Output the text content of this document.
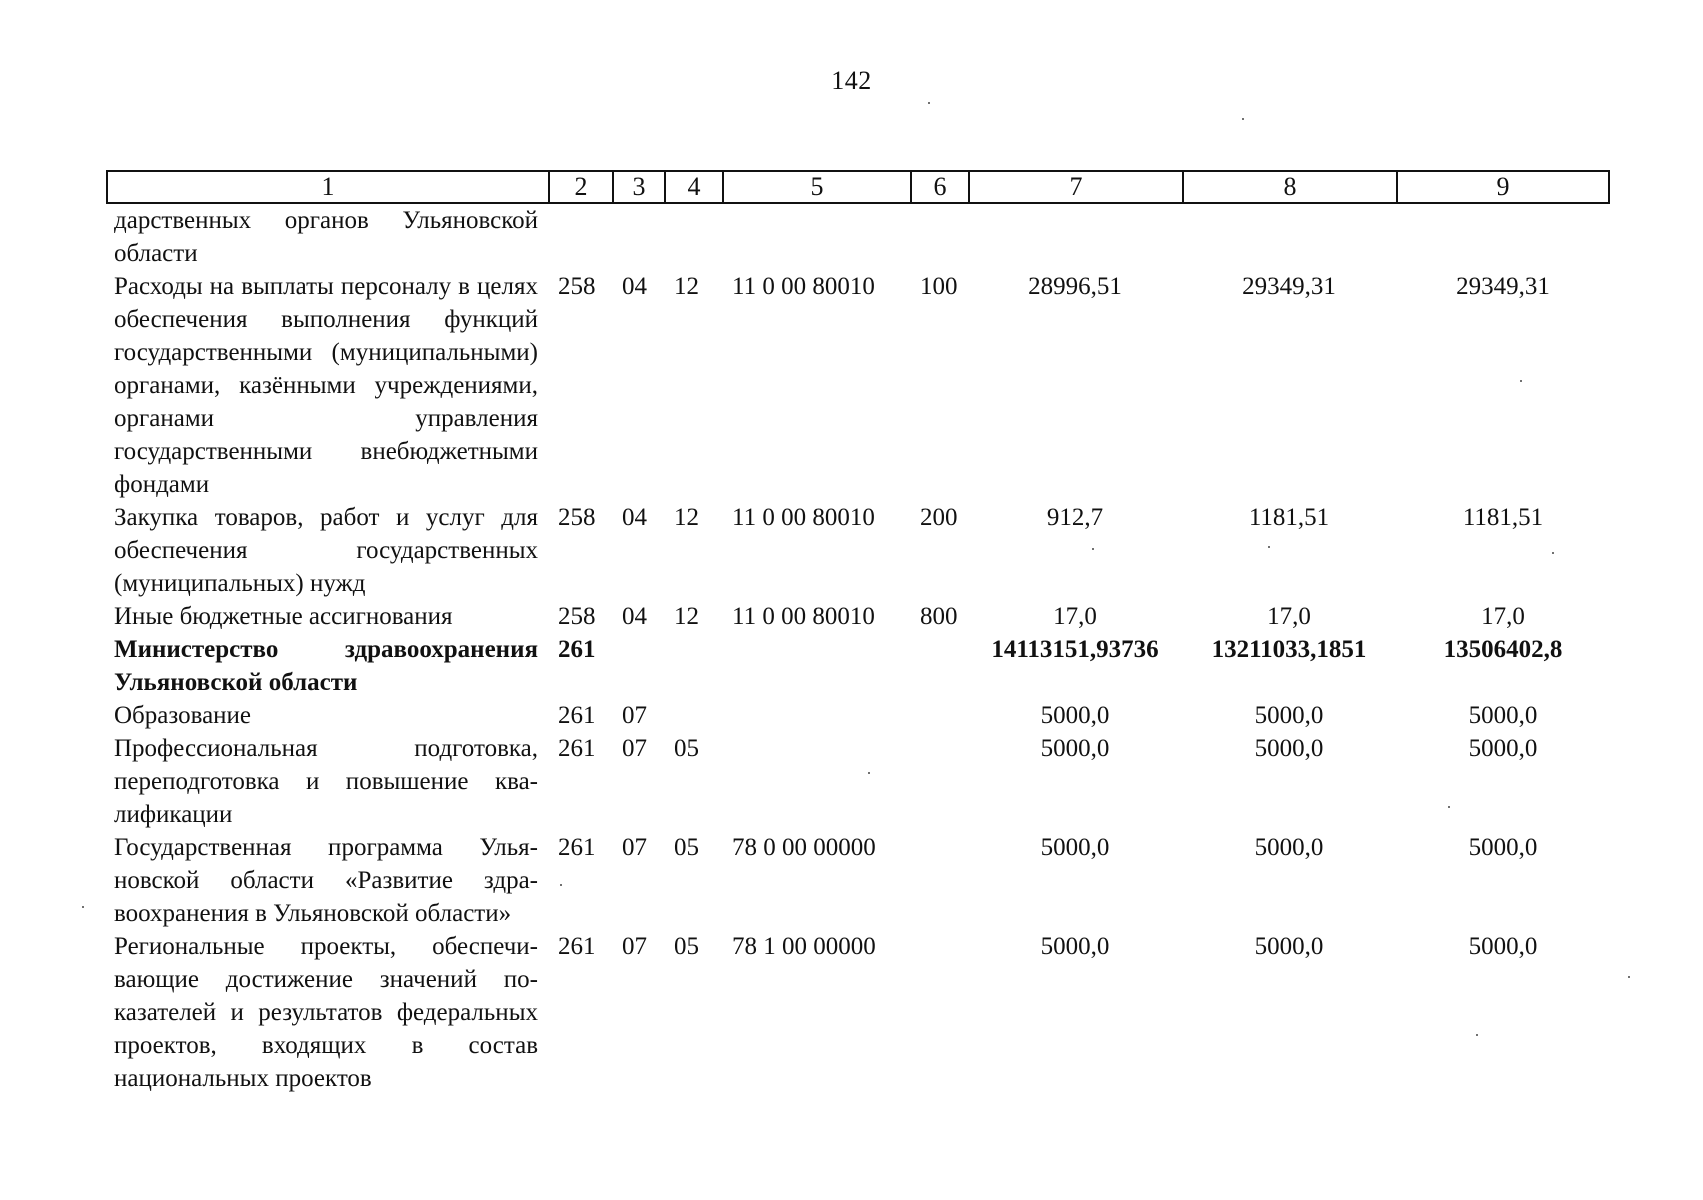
142
1	2	3	4	5	6	7	8	9
дарственных органов Ульяновской области								
Расходы на выплаты персоналу в целях обеспечения выполнения функций государственными (муниципальными) органами, казёнными учреждениями, органами управления государственными внебюджетными фондами	258	04	12	11 0 00 80010	100	28996,51	29349,31	29349,31
Закупка товаров, работ и услуг для обеспечения государственных (муниципальных) нужд	258	04	12	11 0 00 80010	200	912,7	1181,51	1181,51
Иные бюджетные ассигнования	258	04	12	11 0 00 80010	800	17,0	17,0	17,0
Министерство здравоохранения Ульяновской области	261					14113151,93736	13211033,1851	13506402,8
Образование	261	07				5000,0	5000,0	5000,0
Профессиональная подготовка, переподготовка и повышение квалификации	261	07	05			5000,0	5000,0	5000,0
Государственная программа Ульяновской области «Развитие здравоохранения в Ульяновской области»	261	07	05	78 0 00 00000		5000,0	5000,0	5000,0
Региональные проекты, обеспечивающие достижение значений показателей и результатов федеральных проектов, входящих в состав национальных проектов	261	07	05	78 1 00 00000		5000,0	5000,0	5000,0
